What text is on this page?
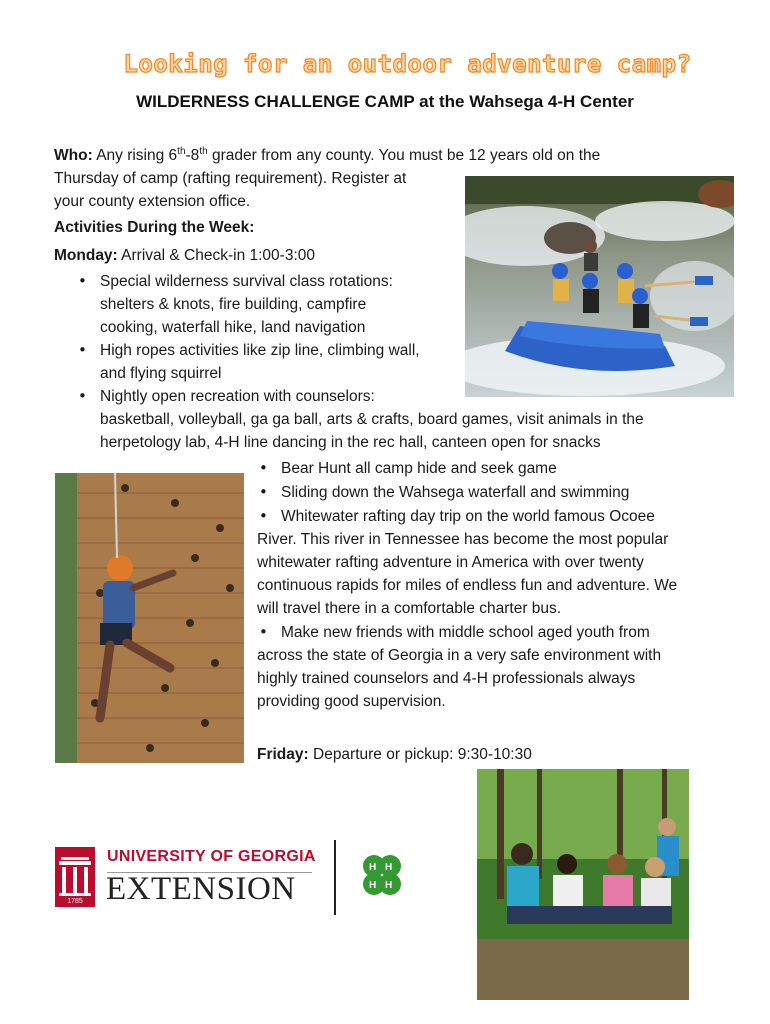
Looking for an outdoor adventure camp?
WILDERNESS CHALLENGE CAMP at the Wahsega 4-H Center
Who: Any rising 6th-8th grader from any county. You must be 12 years old on the
Thursday of camp (rafting requirement). Register at
your county extension office.
Activities During the Week:
Monday: Arrival & Check-in 1:00-3:00
• Special wilderness survival class rotations:
shelters & knots, fire building, campfire
cooking, waterfall hike, land navigation
• High ropes activities like zip line, climbing wall,
and flying squirrel
• Nightly open recreation with counselors:
basketball, volleyball, ga ga ball, arts & crafts, board games, visit animals in the
herpetology lab, 4-H line dancing in the rec hall, canteen open for snacks
• Bear Hunt all camp hide and seek game
• Sliding down the Wahsega waterfall and swimming
• Whitewater rafting day trip on the world famous Ocoee
River. This river in Tennessee has become the most popular
whitewater rafting adventure in America with over twenty
continuous rapids for miles of endless fun and adventure. We
will travel there in a comfortable charter bus.
• Make new friends with middle school aged youth from
across the state of Georgia in a very safe environment with
highly trained counselors and 4-H professionals always
providing good supervision.
Friday: Departure or pickup: 9:30-10:30
1785
UNIVERSITY OF GEORGIA
EXTENSION
H H
H H
